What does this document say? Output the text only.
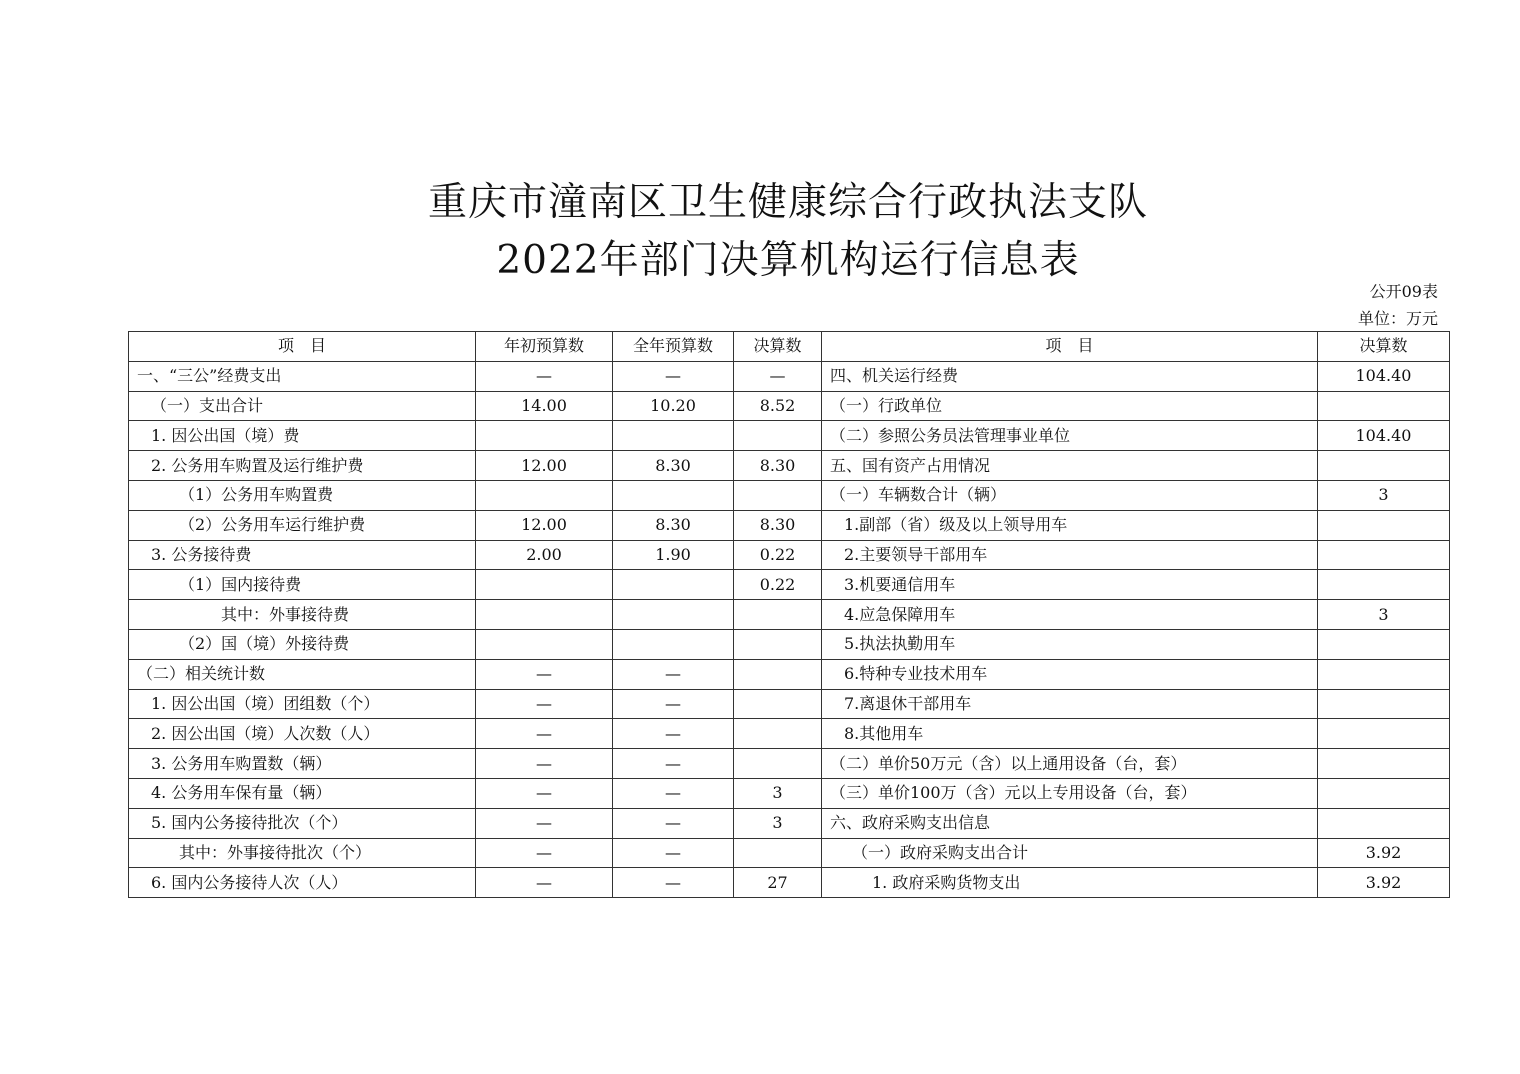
重庆市潼南区卫生健康综合行政执法支队
2022年部门决算机构运行信息表
公开09表
单位：万元
项　目	年初预算数	全年预算数	决算数	项　目	决算数
一、“三公”经费支出	—	—	—	四、机关运行经费	104.40
（一）支出合计	14.00	10.20	8.52	（一）行政单位	
1. 因公出国（境）费				（二）参照公务员法管理事业单位	104.40
2. 公务用车购置及运行维护费	12.00	8.30	8.30	五、国有资产占用情况	
（1）公务用车购置费				（一）车辆数合计（辆）	3
（2）公务用车运行维护费	12.00	8.30	8.30	1.副部（省）级及以上领导用车	
3. 公务接待费	2.00	1.90	0.22	2.主要领导干部用车	
（1）国内接待费			0.22	3.机要通信用车	
其中：外事接待费				4.应急保障用车	3
（2）国（境）外接待费				5.执法执勤用车	
（二）相关统计数	—	—		6.特种专业技术用车	
1. 因公出国（境）团组数（个）	—	—		7.离退休干部用车	
2. 因公出国（境）人次数（人）	—	—		8.其他用车	
3. 公务用车购置数（辆）	—	—		（二）单价50万元（含）以上通用设备（台，套）	
4. 公务用车保有量（辆）	—	—	3	（三）单价100万（含）元以上专用设备（台，套）	
5. 国内公务接待批次（个）	—	—	3	六、政府采购支出信息	
其中：外事接待批次（个）	—	—		（一）政府采购支出合计	3.92
6. 国内公务接待人次（人）	—	—	27	1. 政府采购货物支出	3.92
